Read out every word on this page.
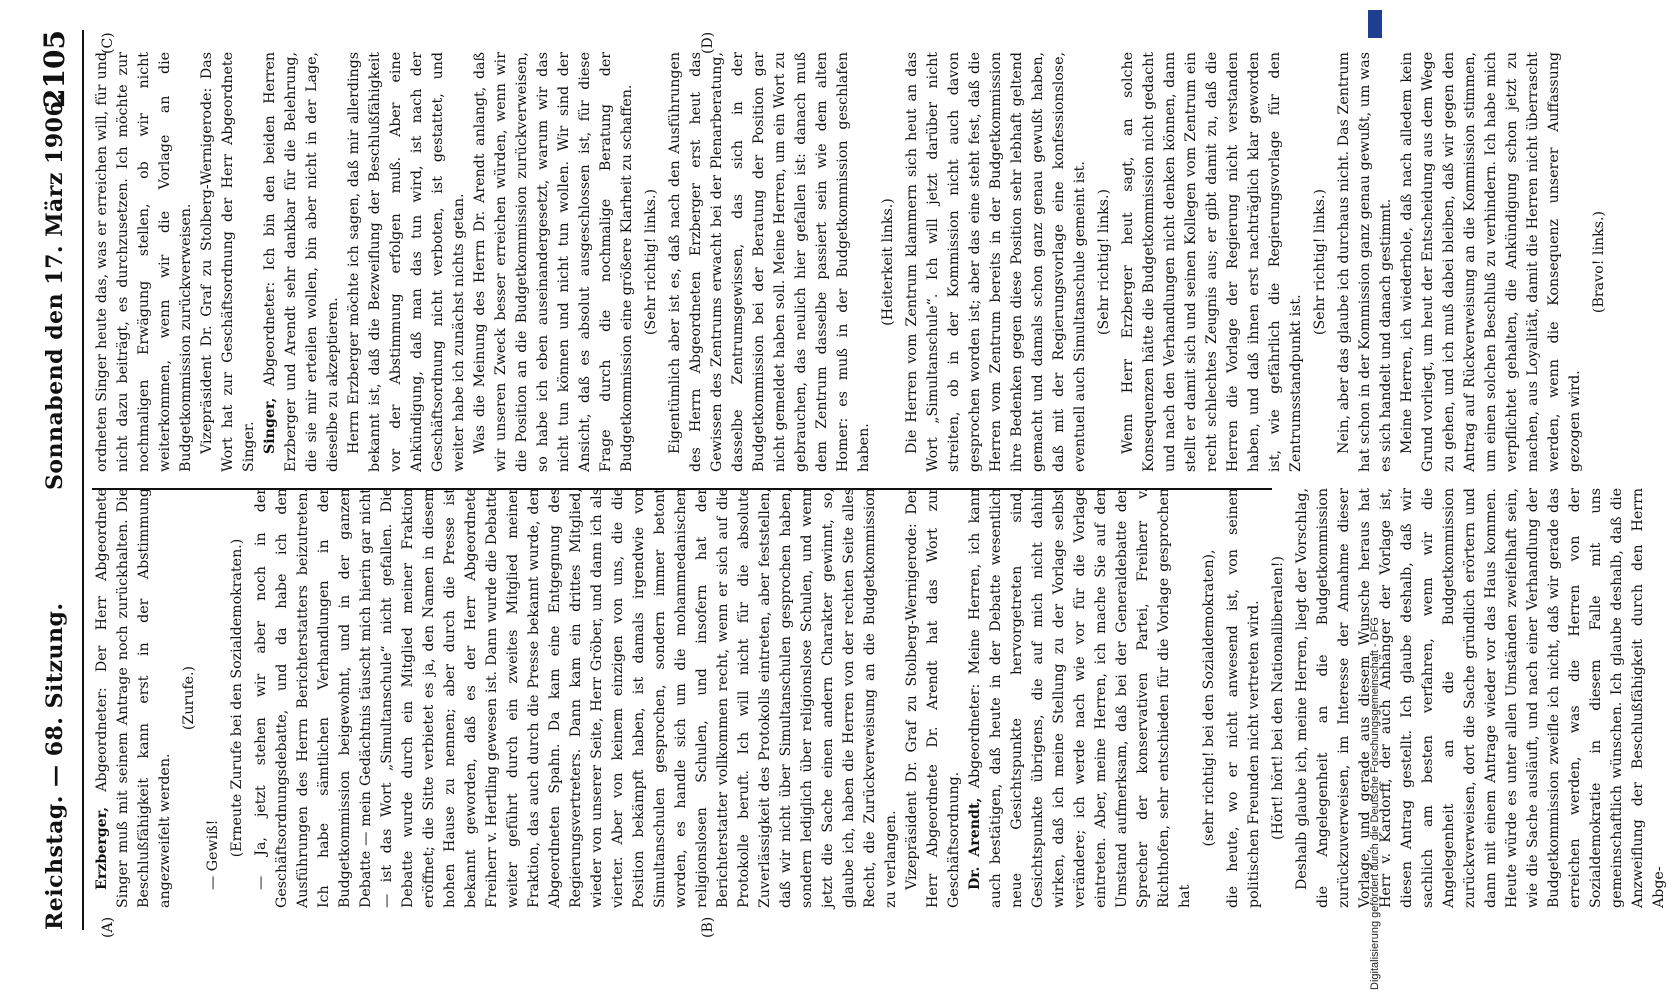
Reichstag. — 68. Sitzung.
Sonnabend den 17. März 1906.
2105
(A)	(B)
(C)	(D)

Erzberger, Abgeordneter: Der Herr Abgeordnete Singer muß mit seinem Antrage noch zurückhalten. Die Beschlußfähigkeit kann erst in der Abstimmung angezweifelt werden.

(Zurufe.)

— Gewiß! (Erneute Zurufe bei den Sozialdemokraten.) — Ja, jetzt stehen wir aber noch in der Geschäftsordnungsdebatte, und da habe ich den Ausführungen des Herrn Berichterstatters beizutreten. Ich habe sämtlichen Verhandlungen in der Budgetkommission beigewohnt, und in der ganzen Debatte — mein Gedächtnis täuscht mich hierin gar nicht — ist das Wort „Simultanschule“ nicht gefallen. Die Debatte wurde durch ein Mitglied meiner Fraktion eröffnet; die Sitte verbietet es ja, den Namen in diesem hohen Hause zu nennen; aber durch die Presse ist bekannt geworden, daß es der Herr Abgeordnete Freiherr v. Hertling gewesen ist. Dann wurde die Debatte weiter geführt durch ein zweites Mitglied meiner Fraktion, das auch durch die Presse bekannt wurde, den Abgeordneten Spahn. Da kam eine Entgegnung des Regierungsvertreters. Dann kam ein drittes Mitglied, wieder von unserer Seite, Herr Gröber, und dann ich als vierter. Aber von keinem einzigen von uns, die die Position bekämpft haben, ist damals irgendwie von Simultanschulen gesprochen, sondern immer betont worden, es handle sich um die mohammedanischen religionslosen Schulen, und insofern hat der Berichterstatter vollkommen recht, wenn er sich auf die Protokolle beruft. Ich will nicht für die absolute Zuverlässigkeit des Protokolls eintreten, aber feststellen, daß wir nicht über Simultanschulen gesprochen haben, sondern lediglich über religionslose Schulen, und wenn jetzt die Sache einen andern Charakter gewinnt, so, glaube ich, haben die Herren von der rechten Seite alles Recht, die Zurückverweisung an die Budgetkommission zu verlangen. Vizepräsident Dr. Graf zu Stolberg-Wernigerode: Der Herr Abgeordnete Dr. Arendt hat das Wort zur Geschäftsordnung. Dr. Arendt, Abgeordneter: Meine Herren, ich kann auch bestätigen, daß heute in der Debatte wesentlich neue Gesichtspunkte hervorgetreten sind, Gesichtspunkte übrigens, die auf mich nicht dahin wirken, daß ich meine Stellung zu der Vorlage selbst verändere; ich werde nach wie vor für die Vorlage eintreten. Aber, meine Herren, ich mache Sie auf den Umstand aufmerksam, daß bei der Generaldebatte der Sprecher der konservativen Partei, Freiherr v. Richthofen, sehr entschieden für die Vorlage gesprochen hat

(sehr richtig! bei den Sozialdemokraten), die heute, wo er nicht anwesend ist, von seinen politischen Freunden nicht vertreten wird. (Hört! hört! bei den Nationalliberalen!) Deshalb glaube ich, meine Herren, liegt der Vorschlag, die Angelegenheit an die Budgetkommission zurückzuverweisen, im Interesse der Annahme dieser Vorlage, und gerade aus diesem Wunsche heraus hat Herr v. Kardorff, der auch Anhänger der Vorlage ist, diesen Antrag gestellt. Ich glaube deshalb, daß wir sachlich am besten verfahren, wenn wir die Angelegenheit an die Budgetkommission zurückverweisen, dort die Sache gründlich erörtern und dann mit einem Antrage wieder vor das Haus kommen. Heute würde es unter allen Umständen zweifelhaft sein, wie die Sache ausläuft, und nach einer Verhandlung der Budgetkommission zweifle ich nicht, daß wir gerade das erreichen werden, was die Herren von der Sozialdemokratie in diesem Falle mit uns gemeinschaftlich wünschen. Ich glaube deshalb, daß die Anzweiflung der Beschlußfähigkeit durch den Herrn Abge-

ordneten Singer heute das, was er erreichen will, für und nicht dazu beiträgt, es durchzusetzen. Ich möchte zur nochmaligen Erwägung stellen, ob wir nicht weiterkommen, wenn wir die Vorlage an die Budgetkommission zurückverweisen. Vizepräsident Dr. Graf zu Stolberg-Wernigerode: Das Wort hat zur Geschäftsordnung der Herr Abgeordnete Singer. Singer, Abgeordneter: Ich bin den beiden Herren Erzberger und Arendt sehr dankbar für die Belehrung, die sie mir erteilen wollen, bin aber nicht in der Lage, dieselbe zu akzeptieren. Herrn Erzberger möchte ich sagen, daß mir allerdings bekannt ist, daß die Bezweiflung der Beschlußfähigkeit vor der Abstimmung erfolgen muß. Aber eine Ankündigung, daß man das tun wird, ist nach der Geschäftsordnung nicht verboten, ist gestattet, und weiter habe ich zunächst nichts getan. Was die Meinung des Herrn Dr. Arendt anlangt, daß wir unseren Zweck besser erreichen würden, wenn wir die Position an die Budgetkommission zurückverweisen, so habe ich eben auseinandergesetzt, warum wir das nicht tun können und nicht tun wollen. Wir sind der Ansicht, daß es absolut ausgeschlossen ist, für diese Frage durch die nochmalige Beratung der Budgetkommission eine größere Klarheit zu schaffen. (Sehr richtig! links.) Eigentümlich aber ist es, daß nach den Ausführungen des Herrn Abgeordneten Erzberger erst heut das Gewissen des Zentrums erwacht bei der Plenarberatung, dasselbe Zentrumsgewissen, das sich in der Budgetkommission bei der Beratung der Position gar nicht gemeldet haben soll. Meine Herren, um ein Wort zu gebrauchen, das neulich hier gefallen ist: danach muß dem Zentrum dasselbe passiert sein wie dem alten Homer: es muß in der Budgetkommission geschlafen haben.

(Heiterkeit links.) Die Herren vom Zentrum klammern sich heut an das Wort „Simultanschule“. Ich will jetzt darüber nicht streiten, ob in der Kommission nicht auch davon gesprochen worden ist; aber das eine steht fest, daß die Herren vom Zentrum bereits in der Budgetkommission ihre Bedenken gegen diese Position sehr lebhaft geltend gemacht und damals schon ganz genau gewußt haben, daß mit der Regierungsvorlage eine konfessionslose, eventuell auch Simultanschule gemeint ist. (Sehr richtig! links.) Wenn Herr Erzberger heut sagt, an solche Konsequenzen hätte die Budgetkommission nicht gedacht und nach den Verhandlungen nicht denken können, dann stellt er damit sich und seinen Kollegen vom Zentrum ein recht schlechtes Zeugnis aus; er gibt damit zu, daß die Herren die Vorlage der Regierung nicht verstanden haben, und daß ihnen erst nachträglich klar geworden ist, wie gefährlich die Regierungsvorlage für den Zentrumsstandpunkt ist.

(Sehr richtig! links.) Nein, aber das glaube ich durchaus nicht. Das Zentrum hat schon in der Kommission ganz genau gewußt, um was es sich handelt und danach gestimmt. Meine Herren, ich wiederhole, daß nach alledem kein Grund vorliegt, um heut der Entscheidung aus dem Wege zu gehen, und ich muß dabei bleiben, daß wir gegen den Antrag auf Rückverweisung an die Kommission stimmen, um einen solchen Beschluß zu verhindern. Ich habe mich verpflichtet gehalten, die Ankündigung schon jetzt zu machen, aus Loyalität, damit die Herren nicht überrascht werden, wenn die Konsequenz unserer Auffassung gezogen wird.

(Bravo! links.)

Digitalisierung gefördert durch die Deutsche Forschungsgemeinschaft - DFG
